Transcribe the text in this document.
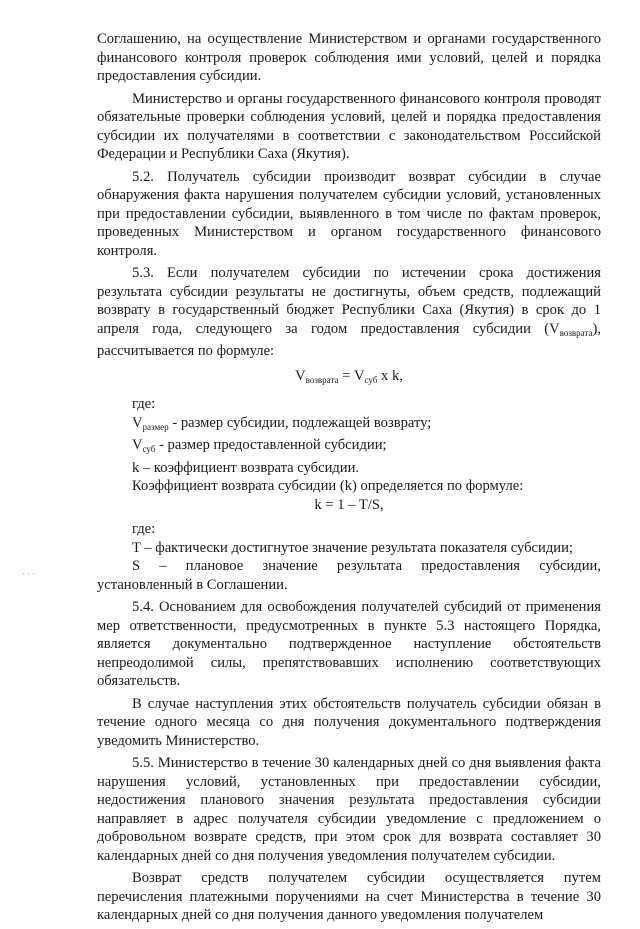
· · ·

Соглашению, на осуществление Министерством и органами государственного финансового контроля проверок соблюдения ими условий, целей и порядка предоставления субсидии.

Министерство и органы государственного финансового контроля проводят обязательные проверки соблюдения условий, целей и порядка предоставления субсидии их получателями в соответствии с законодательством Российской Федерации и Республики Саха (Якутия).

5.2. Получатель субсидии производит возврат субсидии в случае обнаружения факта нарушения получателем субсидии условий, установленных при предоставлении субсидии, выявленного в том числе по фактам проверок, проведенных Министерством и органом государственного финансового контроля.

5.3. Если получателем субсидии по истечении срока достижения результата субсидии результаты не достигнуты, объем средств, подлежащий возврату в государственный бюджет Республики Саха (Якутия) в срок до 1 апреля года, следующего за годом предоставления субсидии $(V_{возврата})$, рассчитывается по формуле:

$V_{возврата} = V_{суб}$ x k,

где:

$V_{размер}$ - размер субсидии, подлежащей возврату;

$V_{суб}$ - размер предоставленной субсидии;

k – коэффициент возврата субсидии.

Коэффициент возврата субсидии (k) определяется по формуле:

k = 1 – T/S,

где:

T – фактически достигнутое значение результата показателя субсидии;

S – плановое значение результата предоставления субсидии, установленный в Соглашении.

5.4. Основанием для освобождения получателей субсидий от применения мер ответственности, предусмотренных в пункте 5.3 настоящего Порядка, является документально подтвержденное наступление обстоятельств непреодолимой силы, препятствовавших исполнению соответствующих обязательств.

В случае наступления этих обстоятельств получатель субсидии обязан в течение одного месяца со дня получения документального подтверждения уведомить Министерство.

5.5. Министерство в течение 30 календарных дней со дня выявления факта нарушения условий, установленных при предоставлении субсидии, недостижения планового значения результата предоставления субсидии направляет в адрес получателя субсидии уведомление с предложением о добровольном возврате средств, при этом срок для возврата составляет 30 календарных дней со дня получения уведомления получателем субсидии.

Возврат средств получателем субсидии осуществляется путем перечисления платежными поручениями на счет Министерства в течение 30 календарных дней со дня получения данного уведомления получателем
